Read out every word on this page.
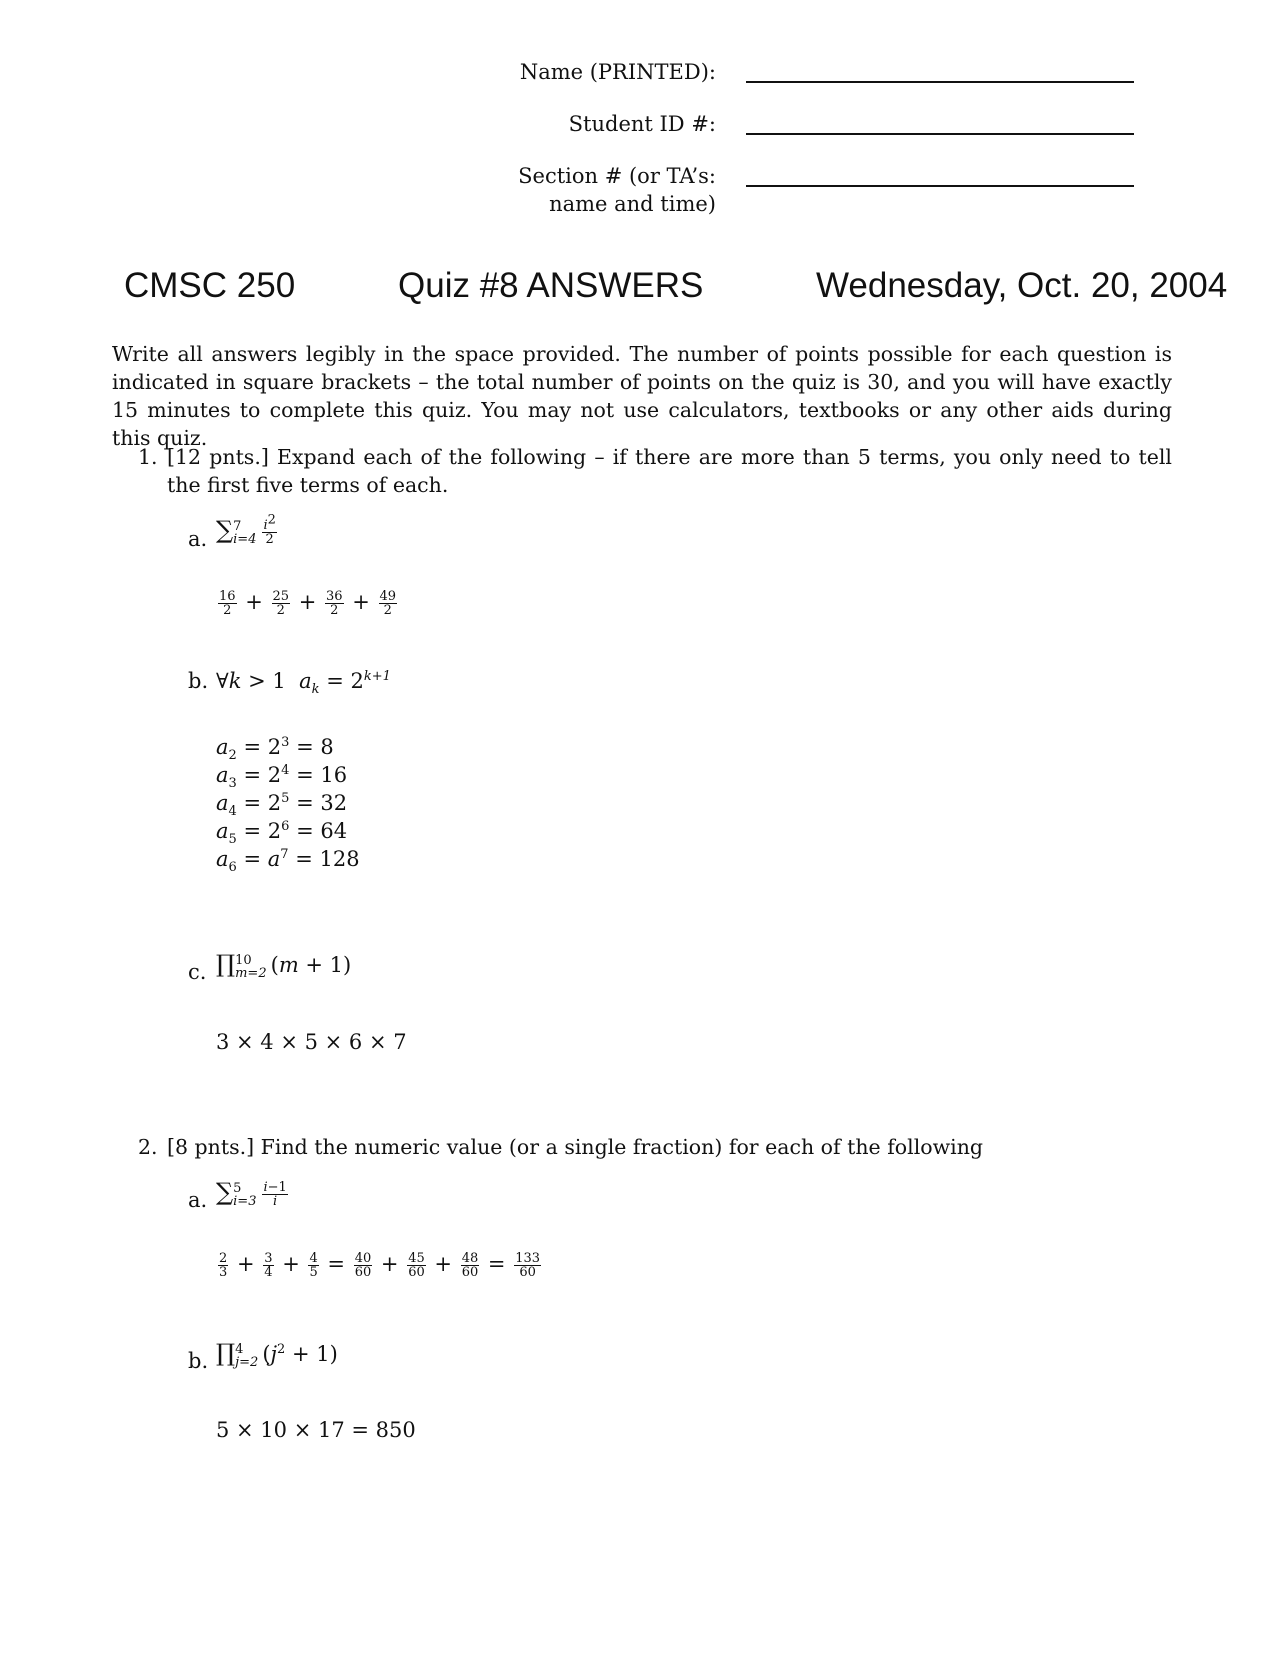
Name (PRINTED):
Student ID #:
Section # (or TA’s:
name and time)
CMSC 250	Quiz #8 ANSWERS	Wednesday, Oct. 20, 2004
Write all answers legibly in the space provided. The number of points possible for each question is indicated in square brackets – the total number of points on the quiz is 30, and you will have exactly 15 minutes to complete this quiz. You may not use calculators, textbooks or any other aids during this quiz.
1. [12 pnts.] Expand each of the following – if there are more than 5 terms, you only need to tell the first five terms of each.
a. ∑ 7
$i=4 \frac{i^2}{2}$
$\frac{16}{2} + \frac{25}{2} + \frac{36}{2} + \frac{49}{2}$
b. ∀k > 1  $a_k = 2^{k+1}$
$a_2 = 2^3 = 8$
$a_3 = 2^4 = 16$
$a_4 = 2^5 = 32$
$a_5 = 2^6 = 64$
$a_6 = a^7 = 128$
c. ∏ 10
m=2 (m + 1)
3 × 4 × 5 × 6 × 7
2. [8 pnts.] Find the numeric value (or a single fraction) for each of the following
a. ∑ 5
$i=3 \frac{i-1}{i}$
$\frac{2}{3} + \frac{3}{4} + \frac{4}{5} = \frac{40}{60} + \frac{45}{60} + \frac{48}{60} = \frac{133}{60}$
b. ∏ 4
j=2 $(j^2 + 1)$
5 × 10 × 17 = 850
